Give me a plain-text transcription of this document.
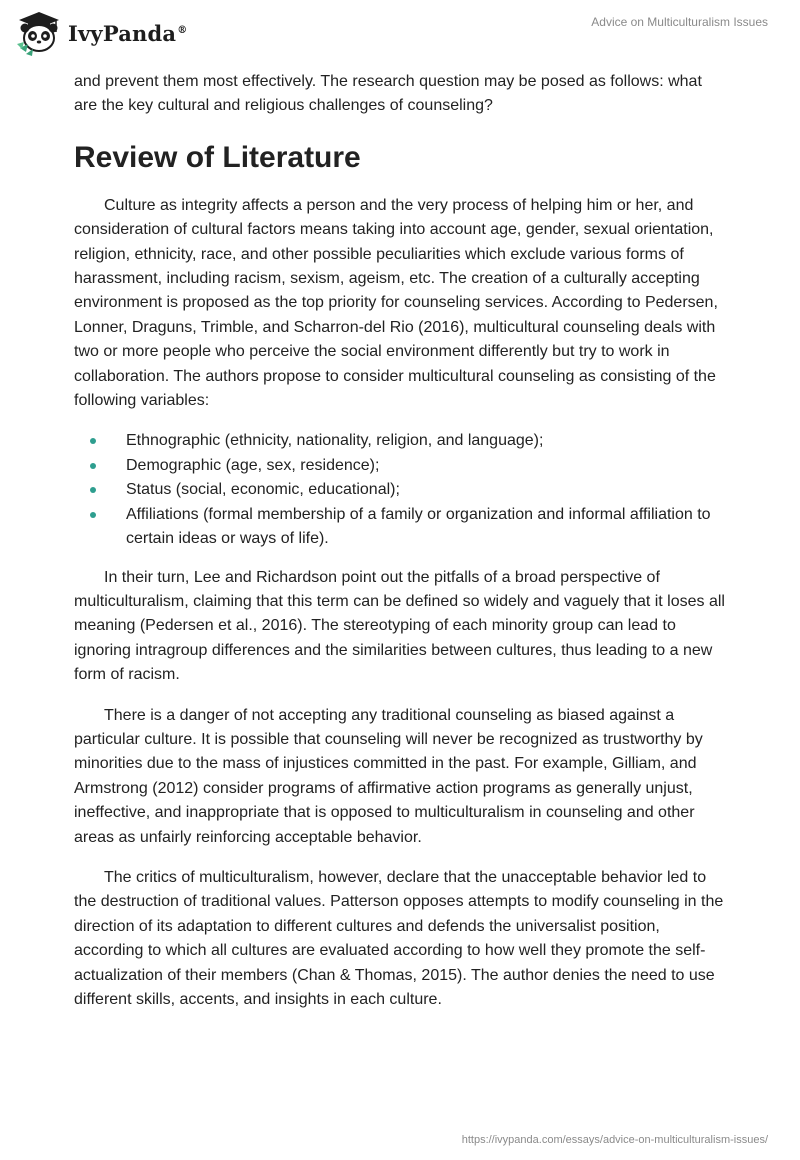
IvyPanda®
Advice on Multiculturalism Issues

and prevent them most effectively. The research question may be posed as follows: what are the key cultural and religious challenges of counseling?

Review of Literature

Culture as integrity affects a person and the very process of helping him or her, and consideration of cultural factors means taking into account age, gender, sexual orientation, religion, ethnicity, race, and other possible peculiarities which exclude various forms of harassment, including racism, sexism, ageism, etc. The creation of a culturally accepting environment is proposed as the top priority for counseling services. According to Pedersen, Lonner, Draguns, Trimble, and Scharron-del Rio (2016), multicultural counseling deals with two or more people who perceive the social environment differently but try to work in collaboration. The authors propose to consider multicultural counseling as consisting of the following variables:

Ethnographic (ethnicity, nationality, religion, and language);
Demographic (age, sex, residence);
Status (social, economic, educational);
Affiliations (formal membership of a family or organization and informal affiliation to certain ideas or ways of life).

In their turn, Lee and Richardson point out the pitfalls of a broad perspective of multiculturalism, claiming that this term can be defined so widely and vaguely that it loses all meaning (Pedersen et al., 2016). The stereotyping of each minority group can lead to ignoring intragroup differences and the similarities between cultures, thus leading to a new form of racism.

There is a danger of not accepting any traditional counseling as biased against a particular culture. It is possible that counseling will never be recognized as trustworthy by minorities due to the mass of injustices committed in the past. For example, Gilliam, and Armstrong (2012) consider programs of affirmative action programs as generally unjust, ineffective, and inappropriate that is opposed to multiculturalism in counseling and other areas as unfairly reinforcing acceptable behavior.

The critics of multiculturalism, however, declare that the unacceptable behavior led to the destruction of traditional values. Patterson opposes attempts to modify counseling in the direction of its adaptation to different cultures and defends the universalist position, according to which all cultures are evaluated according to how well they promote the self-actualization of their members (Chan & Thomas, 2015). The author denies the need to use different skills, accents, and insights in each culture.

https://ivypanda.com/essays/advice-on-multiculturalism-issues/
